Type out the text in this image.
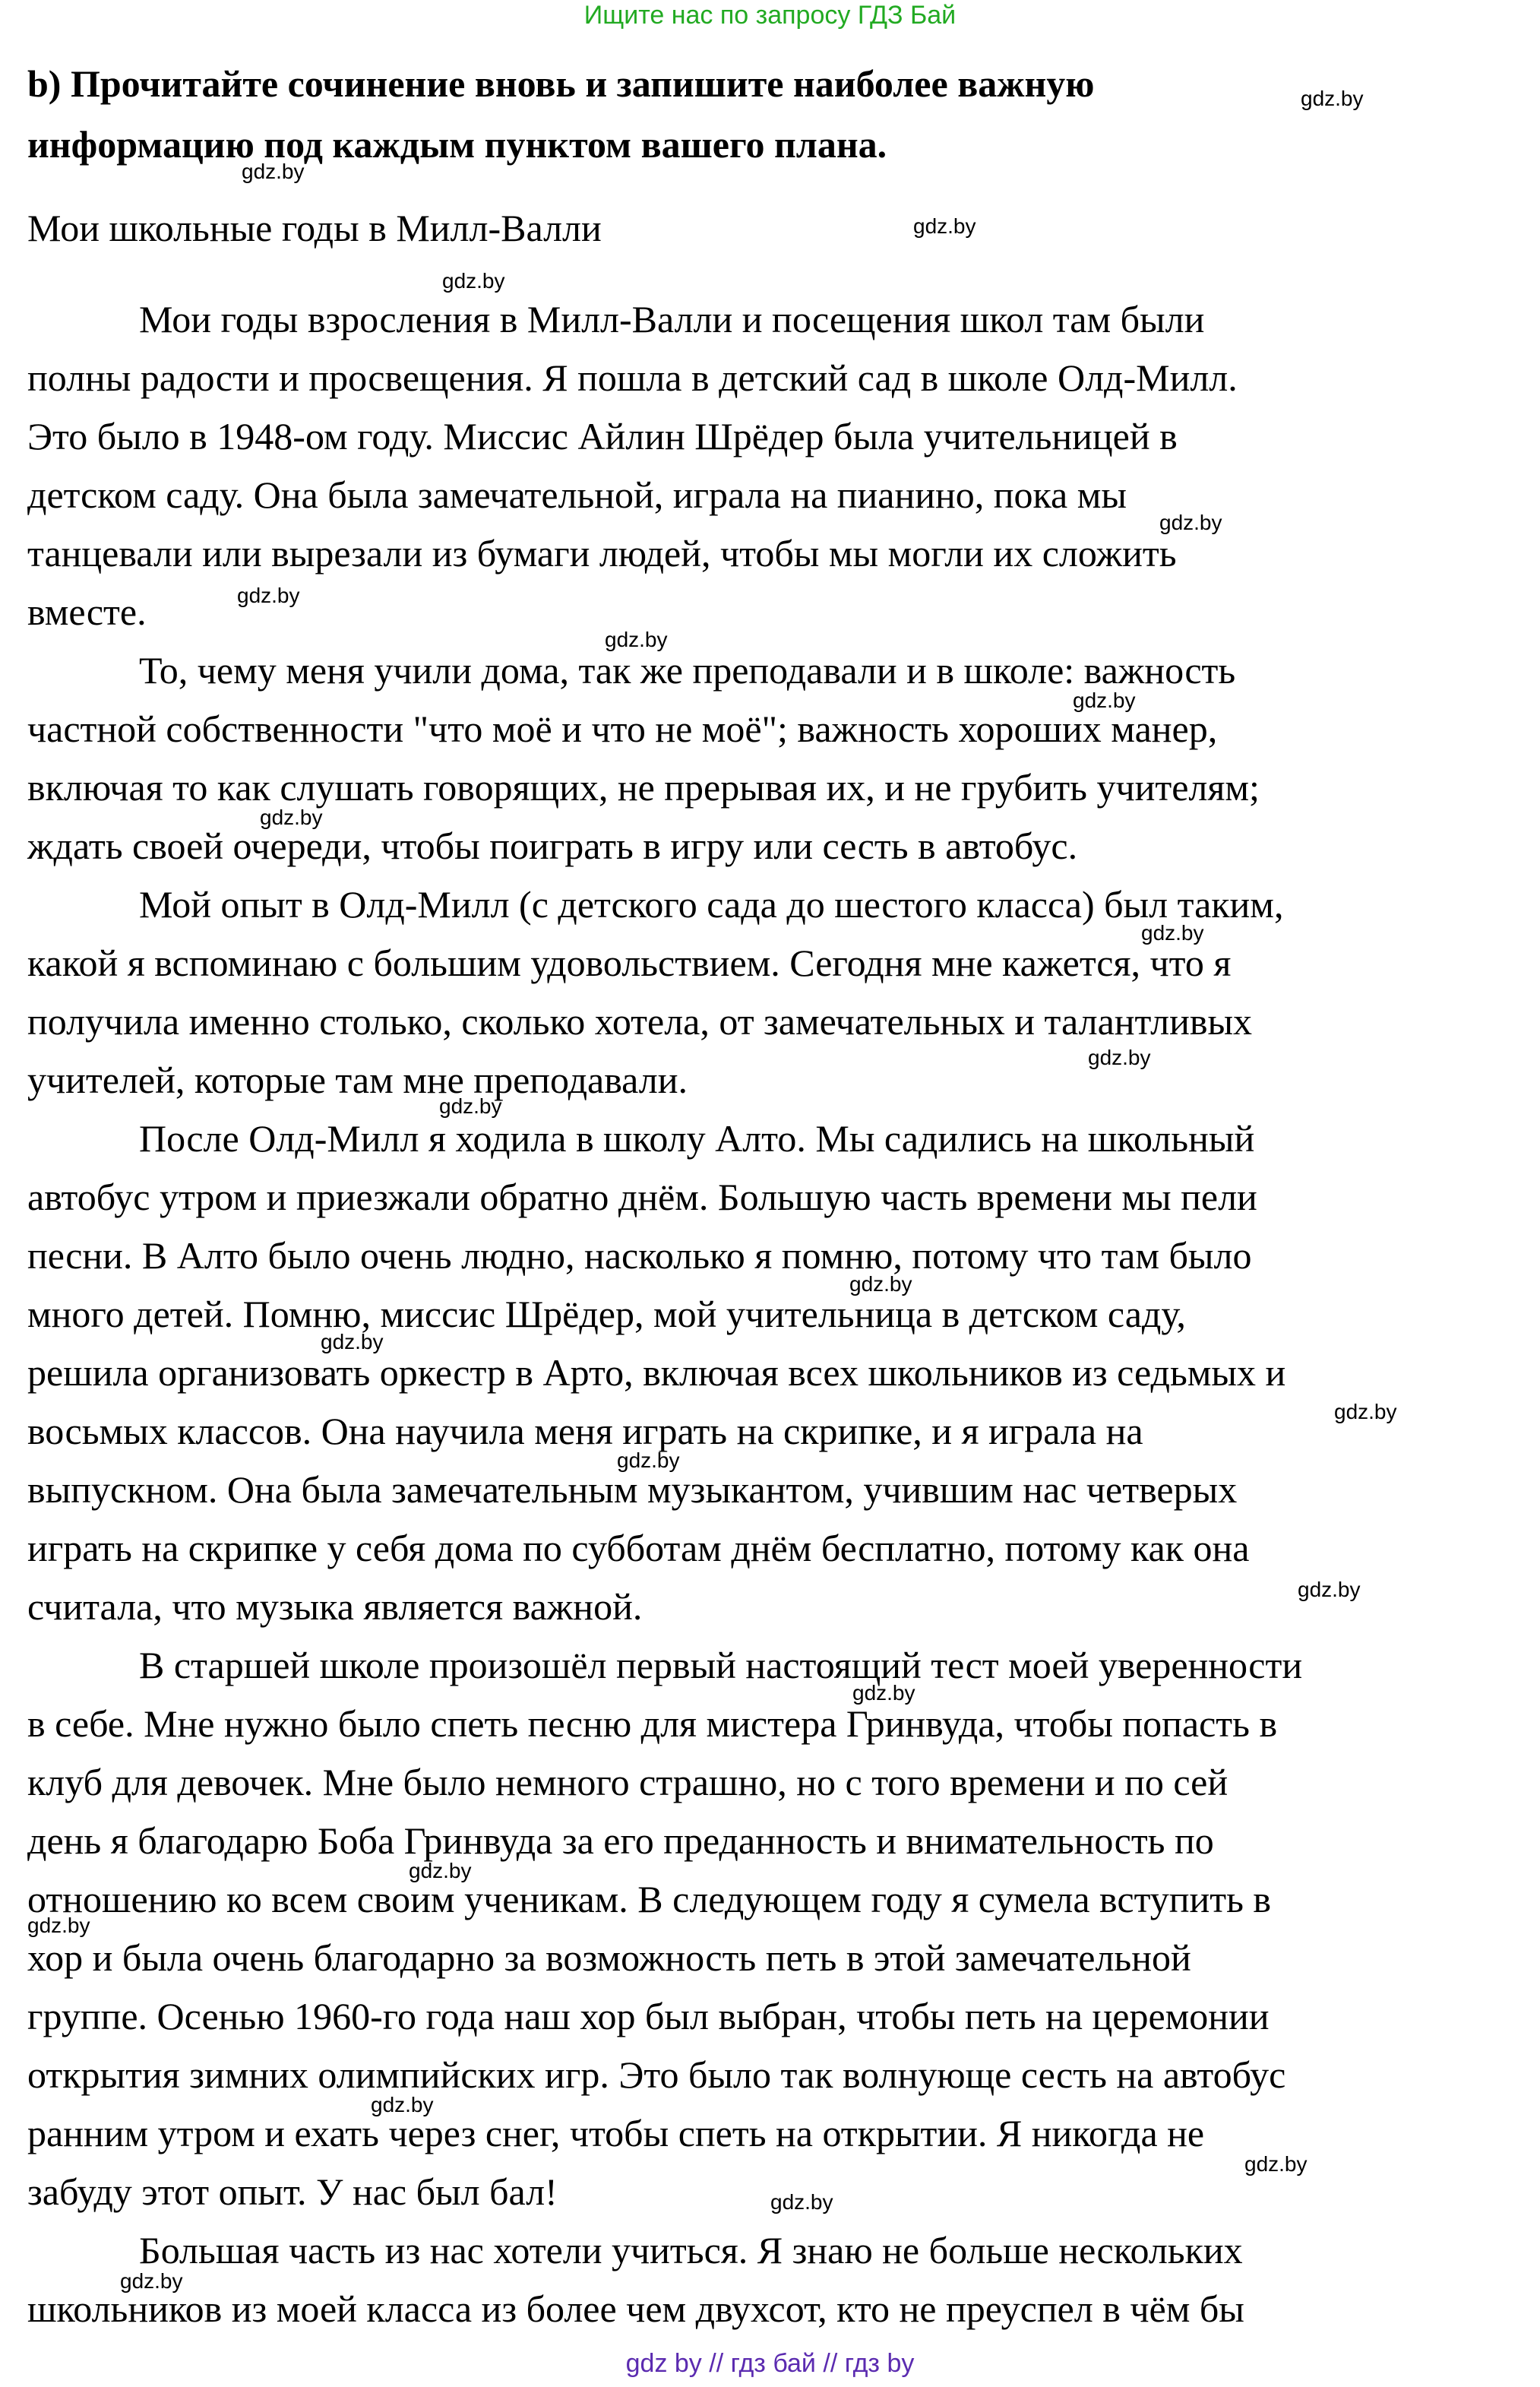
Ищите нас по запросу ГДЗ Бай
b) Прочитайте сочинение вновь и запишите наиболее важную
информацию под каждым пунктом вашего плана.
Мои школьные годы в Милл-Валли
Мои годы взросления в Милл-Валли и посещения школ там были
полны радости и просвещения. Я пошла в детский сад в школе Олд-Милл.
Это было в 1948-ом году. Миссис Айлин Шрёдер была учительницей в
детском саду. Она была замечательной, играла на пианино, пока мы
танцевали или вырезали из бумаги людей, чтобы мы могли их сложить
вместе.
То, чему меня учили дома, так же преподавали и в школе: важность
частной собственности "что моё и что не моё"; важность хороших манер,
включая то как слушать говорящих, не прерывая их, и не грубить учителям;
ждать своей очереди, чтобы поиграть в игру или сесть в автобус.
Мой опыт в Олд-Милл (с детского сада до шестого класса) был таким,
какой я вспоминаю с большим удовольствием. Сегодня мне кажется, что я
получила именно столько, сколько хотела, от замечательных и талантливых
учителей, которые там мне преподавали.
После Олд-Милл я ходила в школу Алто. Мы садились на школьный
автобус утром и приезжали обратно днём. Большую часть времени мы пели
песни. В Алто было очень людно, насколько я помню, потому что там было
много детей. Помню, миссис Шрёдер, мой учительница в детском саду,
решила организовать оркестр в Арто, включая всех школьников из седьмых и
восьмых классов. Она научила меня играть на скрипке, и я играла на
выпускном. Она была замечательным музыкантом, учившим нас четверых
играть на скрипке у себя дома по субботам днём бесплатно, потому как она
считала, что музыка является важной.
В старшей школе произошёл первый настоящий тест моей уверенности
в себе. Мне нужно было спеть песню для мистера Гринвуда, чтобы попасть в
клуб для девочек. Мне было немного страшно, но с того времени и по сей
день я благодарю Боба Гринвуда за его преданность и внимательность по
отношению ко всем своим ученикам. В следующем году я сумела вступить в
хор и была очень благодарно за возможность петь в этой замечательной
группе. Осенью 1960-го года наш хор был выбран, чтобы петь на церемонии
открытия зимних олимпийских игр. Это было так волнующе сесть на автобус
ранним утром и ехать через снег, чтобы спеть на открытии. Я никогда не
забуду этот опыт. У нас был бал!
Большая часть из нас хотели учиться. Я знаю не больше нескольких
школьников из моей класса из более чем двухсот, кто не преуспел в чём бы
gdz.by
gdz.by
gdz.by
gdz.by
gdz.by
gdz.by
gdz.by
gdz.by
gdz.by
gdz.by
gdz.by
gdz.by
gdz.by
gdz.by
gdz.by
gdz.by
gdz.by
gdz.by
gdz.by
gdz.by
gdz.by
gdz.by
gdz.by
gdz.by
gdz by // гдз бай // гдз by
